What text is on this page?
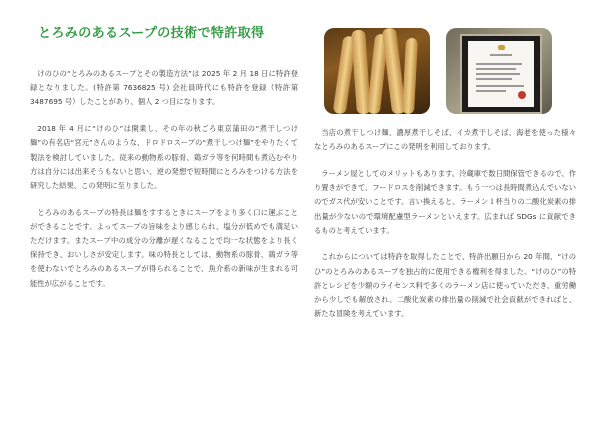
とろみのあるスープの技術で特許取得

けのひの“とろみのあるスープとその製造方法”は 2025 年 2 月 18 日に特許登録となりました。(特許第 7636825 号) 会社員時代にも特許を登録（特許第 3487695 号）したことがあり、個人 2 つ目になります。

2018 年 4 月に“けのひ”は開業し、その年の秋ごろ東京蒲田の“煮干しつけ麺”の有名店“宮元”さんのような、ドロドロスープの“煮干しつけ麺”をやりたくて製法を検討していました。従来の動物系の豚骨、鶏ガラ等を何時間も煮込むやり方は自分には出来そうもないと思い、逆の発想で短時間にとろみをつける方法を研究した結果、この発明に至りました。

とろみのあるスープの特長は麺をすするときにスープをより多く口に運ぶことができることです。よってスープの旨味をより感じられ、塩分が低めでも満足いただけます。またスープ中の成分の分離が遅くなることで均一な状態をより長く保持でき、おいしさが安定します。味の特長としては、動物系の豚骨、鶏ガラ等を使わないでとろみのあるスープが得られることで、魚介系の新味が生まれる可能性が広がることです。

当店の煮干しつけ麺、濃厚煮干しそば、イカ煮干しそば、海老を使った様々なとろみのあるスープにこの発明を利用しております。

ラーメン屋としてのメリットもあります。冷蔵庫で数日間保管できるので、作り置きができて、フードロスを削減できます。もう一つは長時間煮込んでいないのでガス代が安いことです。言い換えると、ラーメン１杯当りの二酸化炭素の排出量が少ないので環境配慮型ラーメンといえます。広まれば SDGs に貢献できるものと考えています。

これからについては特許を取得したことで、特許出願日から 20 年間、“けのひ”のとろみのあるスープを独占的に使用できる権利を得ました。“けのひ”の特許とレシピを少額のライセンス料で多くのラーメン店に使っていただき、重労働から少しでも解放され、二酸化炭素の排出量の削減で社会貢献ができればと、新たな冒険を考えています。
